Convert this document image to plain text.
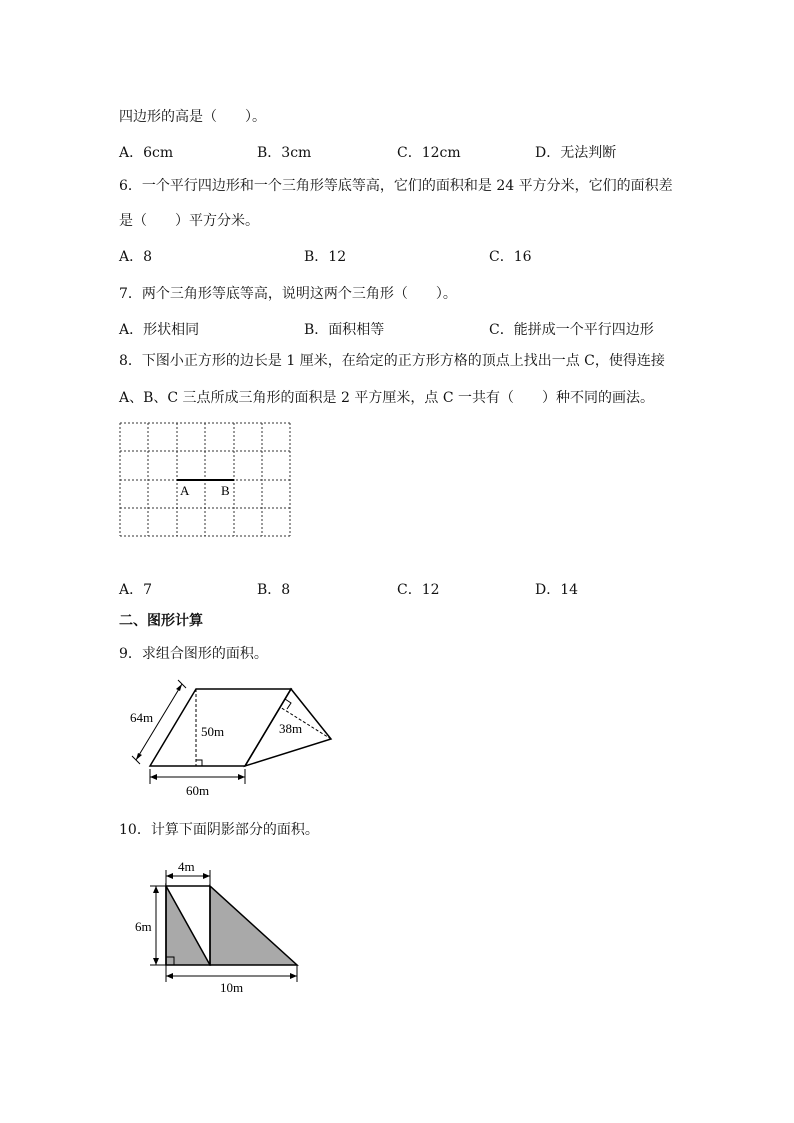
四边形的高是（　　）。
A．6cm	B．3cm	C．12cm	D．无法判断
6．一个平行四边形和一个三角形等底等高，它们的面积和是 24 平方分米，它们的面积差
是（　　）平方分米。
A．8	B．12	C．16
7．两个三角形等底等高，说明这两个三角形（　　）。
A．形状相同	B．面积相等	C．能拼成一个平行四边形
8．下图小正方形的边长是 1 厘米，在给定的正方形方格的顶点上找出一点 C，使得连接
A、B、C 三点所成三角形的面积是 2 平方厘米，点 C 一共有（　　）种不同的画法。
A B
A．7	B．8	C．12	D．14
二、图形计算
9．求组合图形的面积。
64m
50m	38m
60m
10．计算下面阴影部分的面积。
4m
6m
10m
